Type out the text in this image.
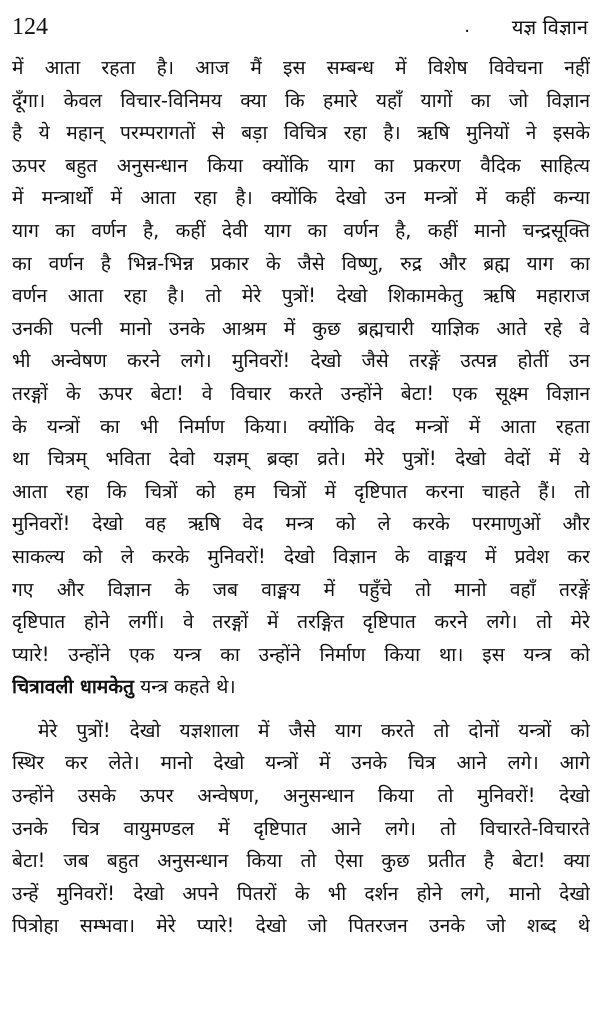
124	. यज्ञ विज्ञान
में आता रहता है। आज मैं इस सम्बन्ध में विशेष विवेचना नहीं
दूँगा। केवल विचार-विनिमय क्या कि हमारे यहाँ यागों का जो विज्ञान
है ये महान् परम्परागतों से बड़ा विचित्र रहा है। ऋषि मुनियों ने इसके
ऊपर बहुत अनुसन्धान किया क्योंकि याग का प्रकरण वैदिक साहित्य
में मन्त्रार्थों में आता रहा है। क्योंकि देखो उन मन्त्रों में कहीं कन्या
याग का वर्णन है, कहीं देवी याग का वर्णन है, कहीं मानो चन्द्रसूक्ति
का वर्णन है भिन्न-भिन्न प्रकार के जैसे विष्णु, रुद्र और ब्रह्म याग का
वर्णन आता रहा है। तो मेरे पुत्रों! देखो शिकामकेतु ऋषि महाराज
उनकी पत्नी मानो उनके आश्रम में कुछ ब्रह्मचारी याज्ञिक आते रहे वे
भी अन्वेषण करने लगे। मुनिवरों! देखो जैसे तरङ्गें उत्पन्न होतीं उन
तरङ्गों के ऊपर बेटा! वे विचार करते उन्होंने बेटा! एक सूक्ष्म विज्ञान
के यन्त्रों का भी निर्माण किया। क्योंकि वेद मन्त्रों में आता रहता
था चित्रम् भविता देवो यज्ञम् ब्रव्हा व्रते। मेरे पुत्रों! देखो वेदों में ये
आता रहा कि चित्रों को हम चित्रों में दृष्टिपात करना चाहते हैं। तो
मुनिवरों! देखो वह ऋषि वेद मन्त्र को ले करके परमाणुओं और
साकल्य को ले करके मुनिवरों! देखो विज्ञान के वाङ्मय में प्रवेश कर
गए और विज्ञान के जब वाङ्मय में पहुँचे तो मानो वहाँ तरङ्गें
दृष्टिपात होने लगीं। वे तरङ्गों में तरङ्गित दृष्टिपात करने लगे। तो मेरे
प्यारे! उन्होंने एक यन्त्र का उन्होंने निर्माण किया था। इस यन्त्र को
चित्रावली धामकेतु यन्त्र कहते थे।
मेरे पुत्रों! देखो यज्ञशाला में जैसे याग करते तो दोनों यन्त्रों को
स्थिर कर लेते। मानो देखो यन्त्रों में उनके चित्र आने लगे। आगे
उन्होंने उसके ऊपर अन्वेषण, अनुसन्धान किया तो मुनिवरों! देखो
उनके चित्र वायुमण्डल में दृष्टिपात आने लगे। तो विचारते-विचारते
बेटा! जब बहुत अनुसन्धान किया तो ऐसा कुछ प्रतीत है बेटा! क्या
उन्हें मुनिवरों! देखो अपने पितरों के भी दर्शन होने लगे, मानो देखो
पित्रोहा सम्भवा। मेरे प्यारे! देखो जो पितरजन उनके जो शब्द थे
